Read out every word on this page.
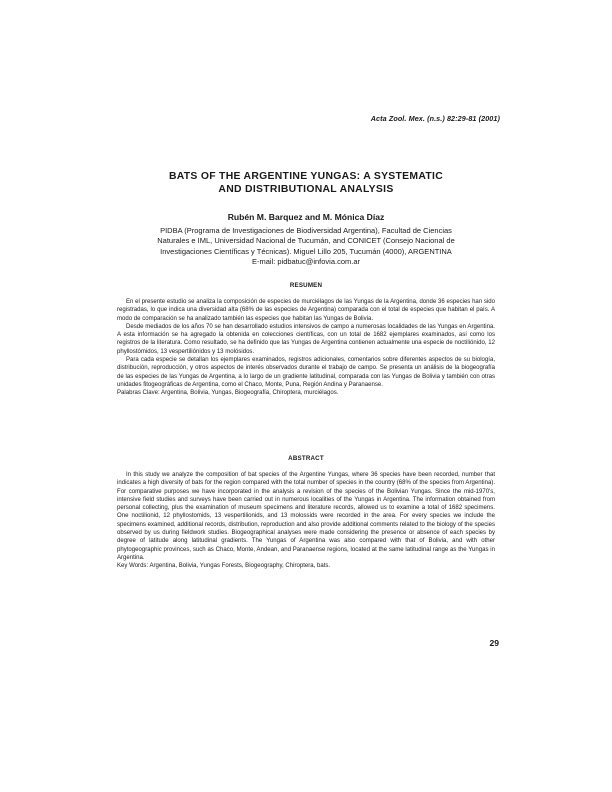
Acta Zool. Mex. (n.s.) 82:29-81 (2001)
BATS OF THE ARGENTINE YUNGAS: A SYSTEMATIC
AND DISTRIBUTIONAL ANALYSIS
Rubén M. Barquez and M. Mónica Díaz
PIDBA (Programa de Investigaciones de Biodiversidad Argentina), Facultad de Ciencias
Naturales e IML, Universidad Nacional de Tucumán, and CONICET (Consejo Nacional de
Investigaciones Científicas y Técnicas). Miguel Lillo 205, Tucumán (4000), ARGENTINA
E-mail: pidbatuc@infovia.com.ar
RESUMEN

En el presente estudio se analiza la composición de especies de murciélagos de las Yungas de la Argentina, donde 36 especies han sido registradas, lo que indica una diversidad alta (68% de las especies de Argentina) comparada con el total de especies que habitan el país. A modo de comparación se ha analizado también las especies que habitan las Yungas de Bolivia.

Desde mediados de los años 70 se han desarrollado estudios intensivos de campo a numerosas localidades de las Yungas en Argentina. A esta información se ha agregado la obtenida en colecciones científicas, con un total de 1682 ejemplares examinados, así como los registros de la literatura. Como resultado, se ha definido que las Yungas de Argentina contienen actualmente una especie de noctiliónido, 12 phyllostómidos, 13 vespertiliónidos y 13 molósidos.

Para cada especie se detallan los ejemplares examinados, registros adicionales, comentarios sobre diferentes aspectos de su biología, distribución, reproducción, y otros aspectos de interés observados durante el trabajo de campo. Se presenta un análisis de la biogeografía de las especies de las Yungas de Argentina, a lo largo de un gradiente latitudinal, comparada con las Yungas de Bolivia y también con otras unidades fitogeográficas de Argentina, como el Chaco, Monte, Puna, Región Andina y Paranaense.

Palabras Clave: Argentina, Bolivia, Yungas, Biogeografía, Chiroptera, murciélagos.

ABSTRACT

In this study we analyze the composition of bat species of the Argentine Yungas, where 36 species have been recorded, number that indicates a high diversity of bats for the region compared with the total number of species in the country (68% of the species from Argentina). For comparative purposes we have incorporated in the analysis a revision of the species of the Bolivian Yungas. Since the mid-1970's, intensive field studies and surveys have been carried out in numerous localities of the Yungas in Argentina. The information obtained from personal collecting, plus the examination of museum specimens and literature records, allowed us to examine a total of 1682 specimens. One noctilionid, 12 phyllostomids, 13 vespertilionids, and 13 molossids were recorded in the area. For every species we include the specimens examined, additional records, distribution, reproduction and also provide additional comments related to the biology of the species observed by us during fieldwork studies. Biogeographical analyses were made considering the presence or absence of each species by degree of latitude along latitudinal gradients. The Yungas of Argentina was also compared with that of Bolivia, and with other phytogeographic provinces, such as Chaco, Monte, Andean, and Paranaense regions, located at the same latitudinal range as the Yungas in Argentina.

Key Words: Argentina, Bolivia, Yungas Forests, Biogeography, Chiroptera, bats.

29
